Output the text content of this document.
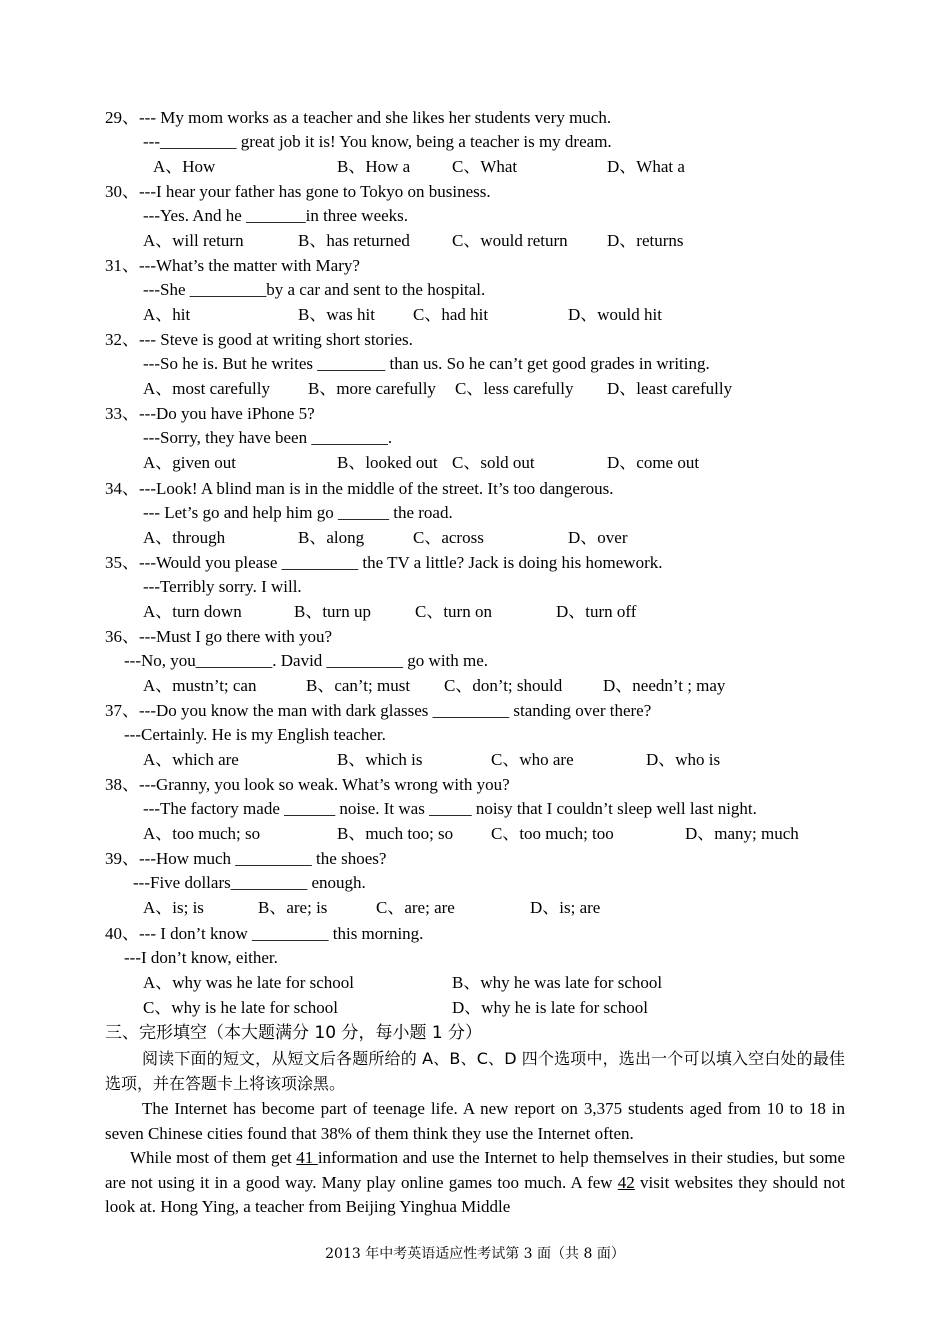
29、--- My mom works as a teacher and she likes her students very much.
---_________ great job it is! You know, being a teacher is my dream.
A、How	B、How a C、What	D、What a
30、---I hear your father has gone to Tokyo on business.
---Yes. And he _______in three weeks.
A、will return	B、has returned C、would return D、returns
31、---What’s the matter with Mary?
---She _________by a car and sent to the hospital.
A、hit	B、was hit C、had hit	D、would hit
32、--- Steve is good at writing short stories.
---So he is. But he writes ________ than us. So he can’t get good grades in writing.
A、most carefully B、more carefully C、less carefully D、least carefully
33、---Do you have iPhone 5?
---Sorry, they have been _________.
A、given out	B、looked out C、sold out	D、come out
34、---Look! A blind man is in the middle of the street. It’s too dangerous.
--- Let’s go and help him go ______ the road.
A、through	B、along	C、across	D、over
35、---Would you please _________ the TV a little? Jack is doing his homework.
---Terribly sorry. I will.
A、turn down	B、turn up	C、turn on	D、turn off
36、---Must I go there with you?
---No, you_________. David _________ go with me.
A、mustn’t; can	B、can’t; must C、don’t; should D、needn’t ; may
37、---Do you know the man with dark glasses _________ standing over there?
---Certainly. He is my English teacher.
A、which are	B、which is	C、who are	D、who is
38、---Granny, you look so weak. What’s wrong with you?
---The factory made ______ noise. It was _____ noisy that I couldn’t sleep well last night.
A、too much; so	B、much too; so C、too much; too	D、many; much
39、---How much _________ the shoes?
---Five dollars_________ enough.
A、is; is	B、are; is	C、are; are	D、is; are
40、--- I don’t know _________ this morning.
---I don’t know, either.
A、why was he late for school	B、why he was late for school
C、why is he late for school	D、why he is late for school
三、完形填空（本大题满分 10 分，每小题 1 分）
阅读下面的短文，从短文后各题所给的 A、B、C、D 四个选项中，选出一个可以填入空白处的最佳选项，并在答题卡上将该项涂黑。
The Internet has become part of teenage life. A new report on 3,375 students aged from 10 to 18 in seven Chinese cities found that 38% of them think they use the Internet often.
While most of them get 41 information and use the Internet to help themselves in their studies, but some are not using it in a good way. Many play online games too much. A few 42 visit websites they should not look at. Hong Ying, a teacher from Beijing Yinghua Middle
2013 年中考英语适应性考试第 3 面（共 8 面）
